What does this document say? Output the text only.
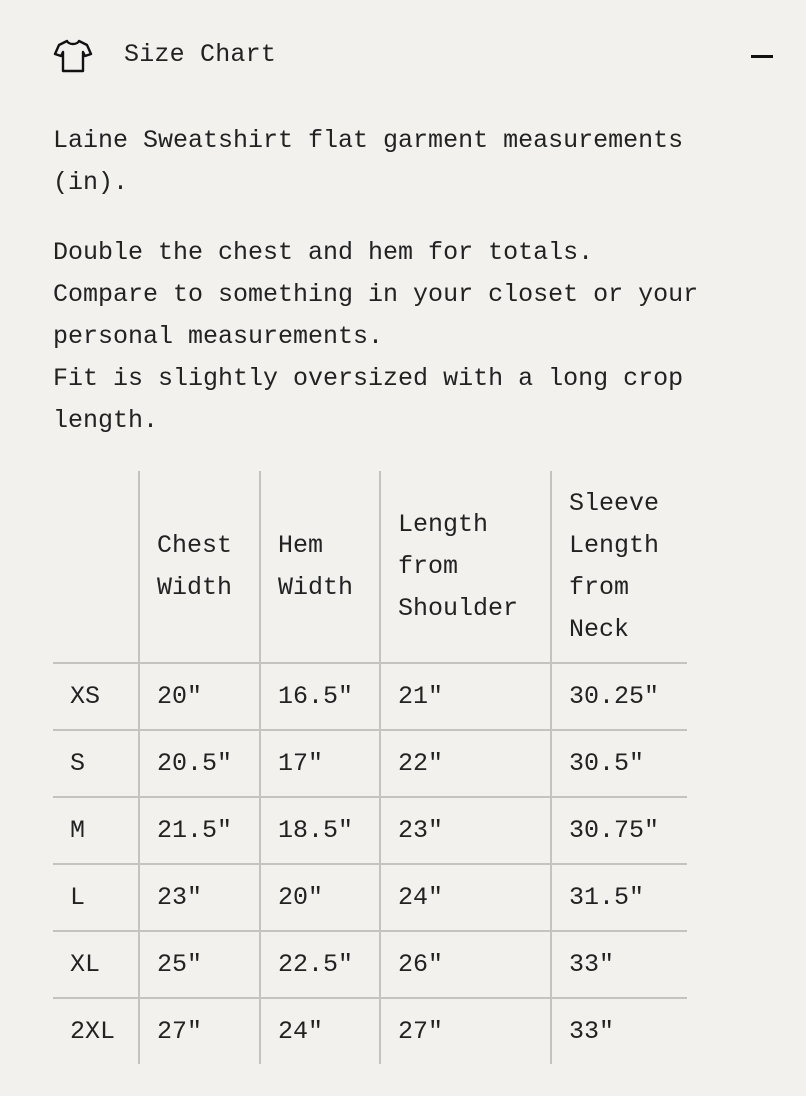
Size Chart

Laine Sweatshirt flat garment measurements (in).

Double the chest and hem for totals.

Compare to something in your closet or your personal measurements.

Fit is slightly oversized with a long crop length.

	Chest Width	Hem Width	Length from Shoulder	Sleeve Length from Neck
XS	20"	16.5"	21"	30.25"
S	20.5"	17"	22"	30.5"
M	21.5"	18.5"	23"	30.75"
L	23"	20"	24"	31.5"
XL	25"	22.5"	26"	33"
2XL	27"	24"	27"	33"
